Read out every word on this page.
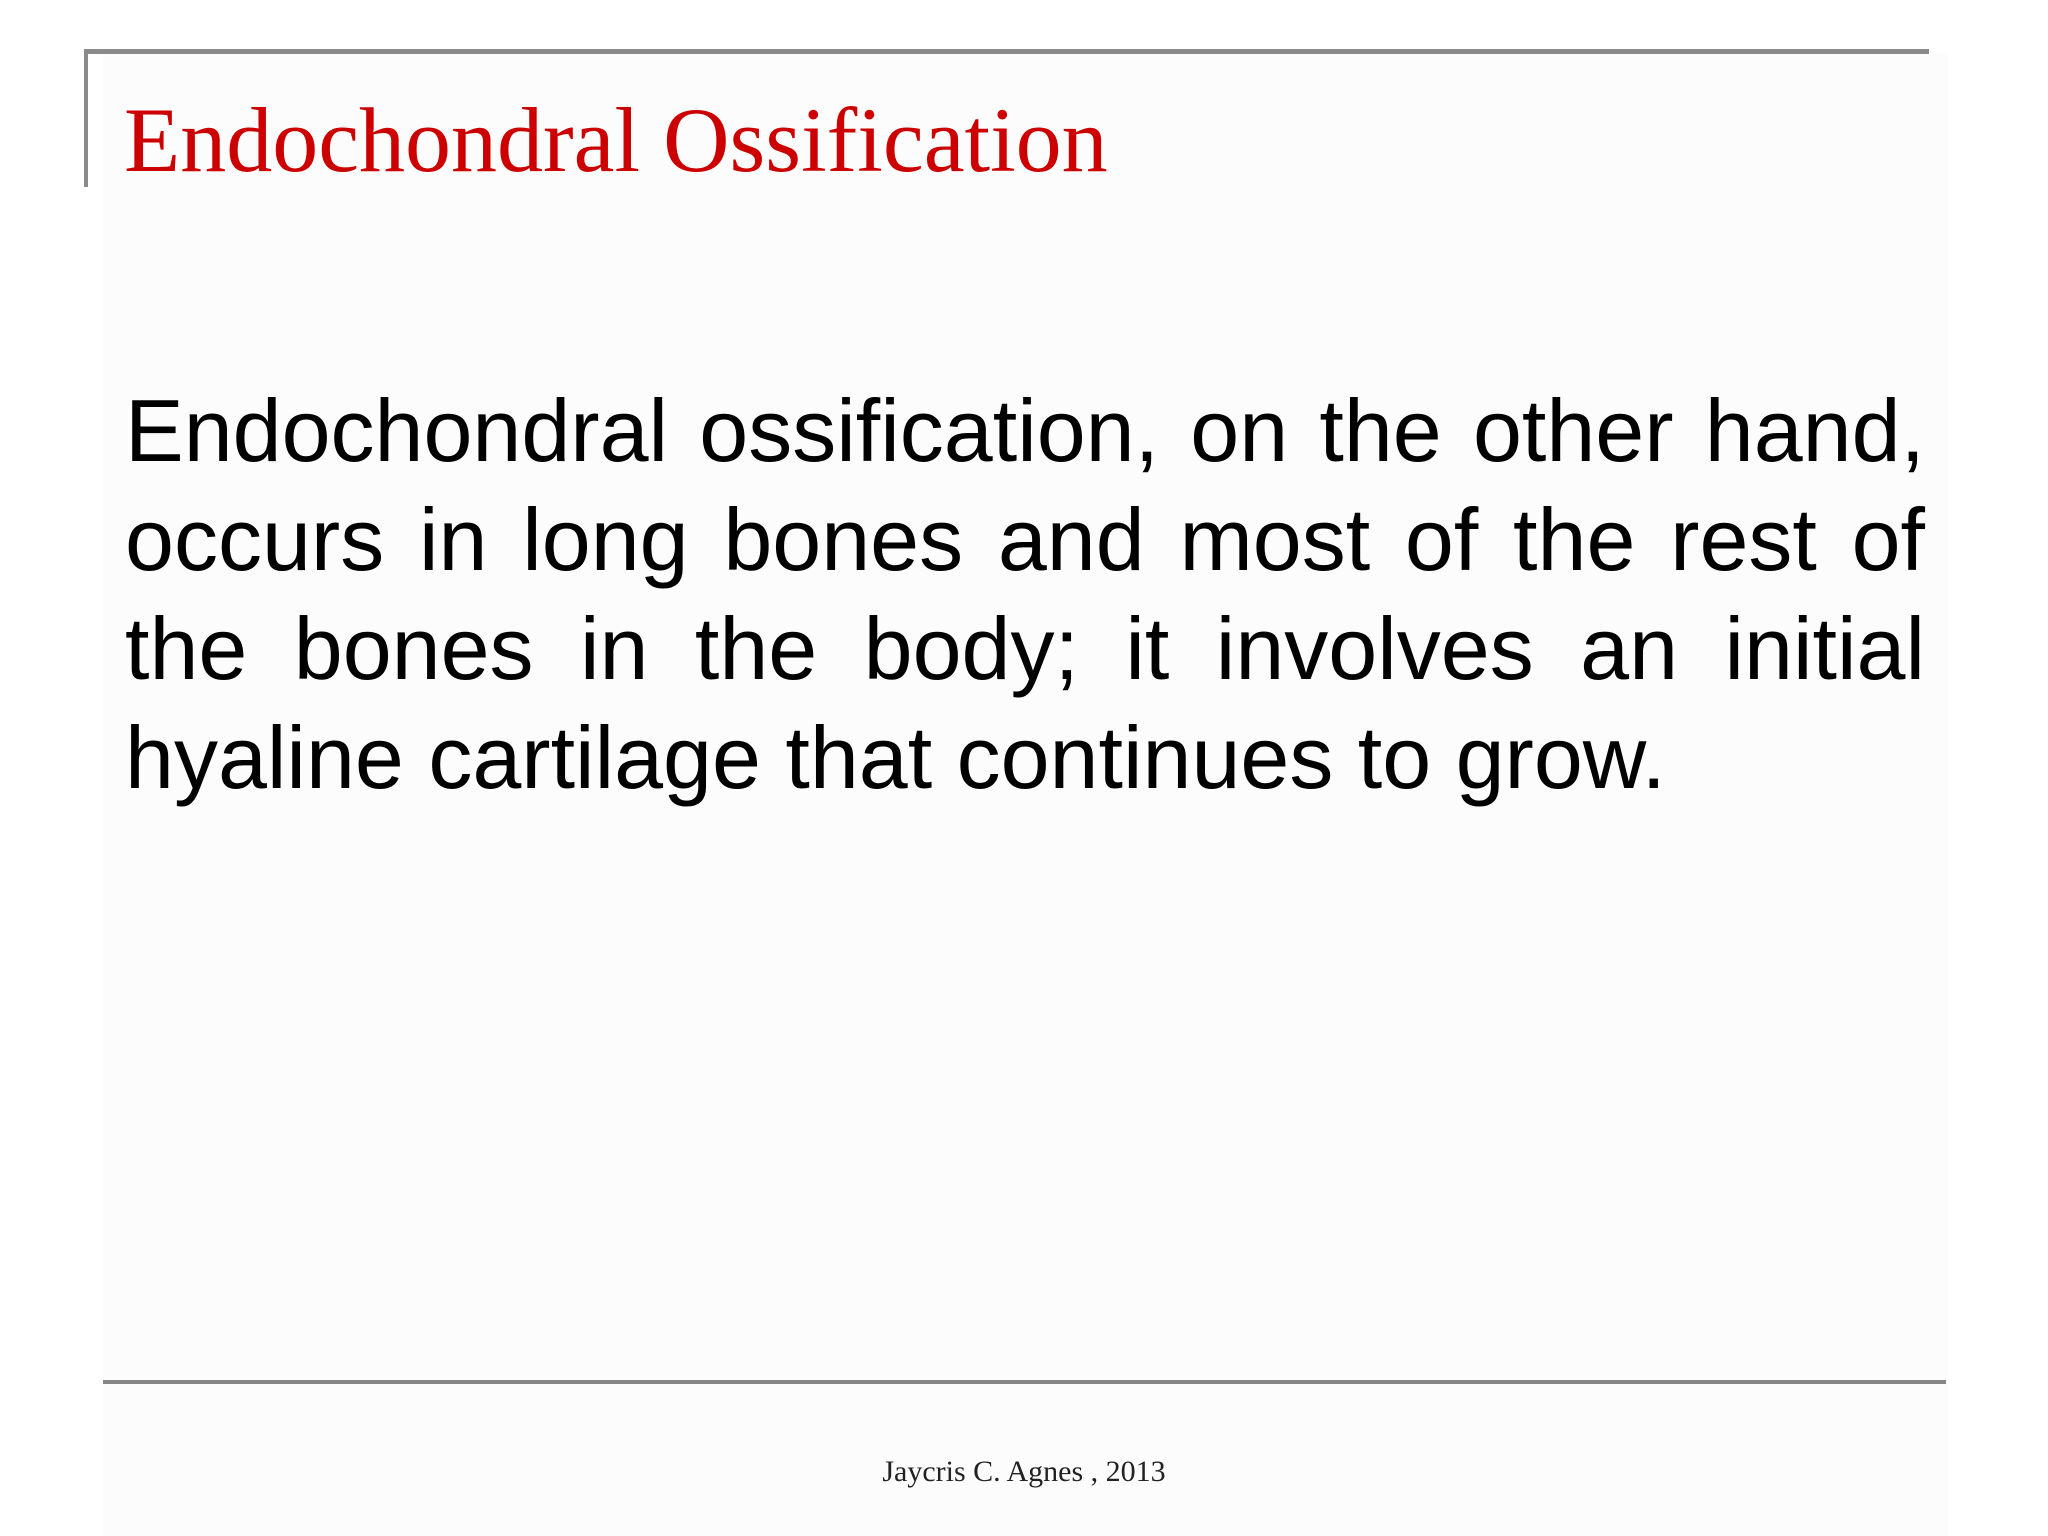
Endochondral Ossification

Endochondral ossification, on the other hand, occurs in long bones and most of the rest of the bones in the body; it involves an initial hyaline cartilage that continues to grow.

Jaycris C. Agnes , 2013
